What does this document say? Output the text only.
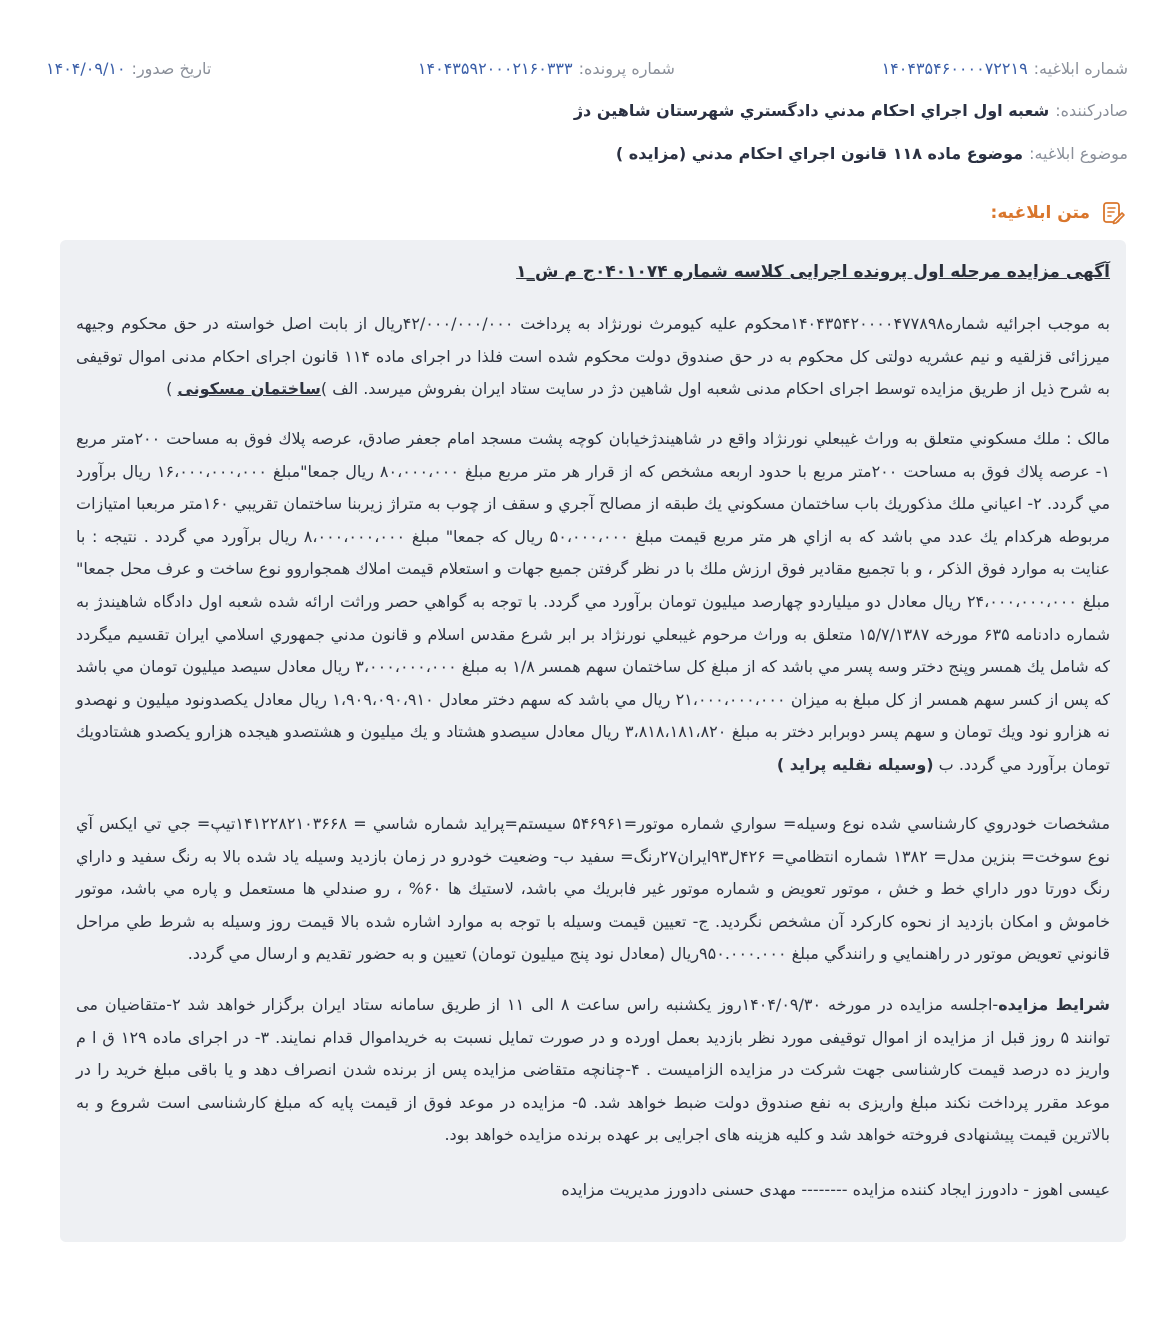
شماره ابلاغیه:
۱۴۰۴۳۵۴۶۰۰۰۰۷۲۲۱۹
شماره پرونده:
۱۴۰۴۳۵۹۲۰۰۰۲۱۶۰۳۳۳
تاریخ صدور:
۱۴۰۴/۰۹/۱۰
صادرکننده:
شعبه اول اجراي احكام مدني دادگستري شهرستان شاهين دژ
موضوع ابلاغیه:
موضوع ماده ۱۱۸ قانون اجراي احكام مدني (مزايده )
متن ابلاغیه:
آگهی مزایده مرحله اول پرونده اجرایی کلاسه شماره ۰۴۰۱۰۷۴ج م ش_۱
به موجب اجرائیه شماره۱۴۰۴۳۵۴۲۰۰۰۰۴۷۷۸۹۸محکوم علیه کیومرث نورنژاد به پرداخت ۴۲/۰۰۰/۰۰۰/۰۰۰ریال از بابت اصل خواسته در حق محکوم وجیهه میرزائی قزلقیه و نیم عشریه دولتی کل محکوم به در حق صندوق دولت محکوم شده است فلذا در اجرای ماده ۱۱۴ قانون اجرای احکام مدنی اموال توقیفی به شرح ذیل از طریق مزایده توسط اجرای احکام مدنی شعبه اول شاهین دژ در سایت ستاد ایران بفروش میرسد. الف )ساختمان مسکونی )
مالک : ملك مسكوني متعلق به وراث غيبعلي نورنژاد واقع در شاهيندژخيابان كوچه پشت مسجد امام جعفر صادق، عرصه پلاك فوق به مساحت ۲۰۰متر مربع ۱- عرصه پلاك فوق به مساحت ۲۰۰متر مربع با حدود اربعه مشخص كه از قرار هر متر مربع مبلغ ۸۰،۰۰۰،۰۰۰ ريال جمعا"مبلغ ۱۶،۰۰۰،۰۰۰،۰۰۰ ريال برآورد مي گردد. ۲- اعياني ملك مذكوريك باب ساختمان مسكوني يك طبقه از مصالح آجري و سقف از چوب به متراژ زيربنا ساختمان تقريبي ۱۶۰متر مربعبا امتيازات مربوطه هركدام يك عدد مي باشد كه به ازاي هر متر مربع قيمت مبلغ ۵۰،۰۰۰،۰۰۰ ريال كه جمعا" مبلغ ۸،۰۰۰،۰۰۰،۰۰۰ ريال برآورد مي گردد . نتيجه : با عنايت به موارد فوق الذكر ، و با تجميع مقادير فوق ارزش ملك با در نظر گرفتن جميع جهات و استعلام قيمت املاك همجواروو نوع ساخت و عرف محل جمعا" مبلغ ۲۴،۰۰۰،۰۰۰،۰۰۰ ريال معادل دو ميلياردو چهارصد ميليون تومان برآورد مي گردد. با توجه به گواهي حصر وراثت ارائه شده شعبه اول دادگاه شاهيندژ به شماره دادنامه ۶۳۵ مورخه ۱۵/۷/۱۳۸۷ متعلق به وراث مرحوم غيبعلي نورنژاد بر ابر شرع مقدس اسلام و قانون مدني جمهوري اسلامي ايران تقسيم ميگردد كه شامل يك همسر وپنج دختر وسه پسر مي باشد كه از مبلغ كل ساختمان سهم همسر ۱/۸ به مبلغ ۳،۰۰۰،۰۰۰،۰۰۰ ريال معادل سيصد ميليون تومان مي باشد كه پس از كسر سهم همسر از كل مبلغ به ميزان ۲۱،۰۰۰،۰۰۰،۰۰۰ ريال مي باشد كه سهم دختر معادل ۱،۹۰۹،۰۹۰،۹۱۰ ريال معادل يكصدونود ميليون و نهصدو نه هزارو نود ويك تومان و سهم پسر دوبرابر دختر به مبلغ ۳،۸۱۸،۱۸۱،۸۲۰ ريال معادل سيصدو هشتاد و يك ميليون و هشتصدو هيجده هزارو يكصدو هشتادويك تومان برآورد مي گردد. ب (وسيله نقليه پرايد )
مشخصات خودروي كارشناسي شده نوع وسيله= سواري شماره موتور=۵۴۶۹۶۱ سيستم=پرايد شماره شاسي = ۱۴۱۲۲۸۲۱۰۳۶۶۸تيپ= جي تي ايكس آي نوع سوخت= بنزين مدل= ۱۳۸۲ شماره انتظامي= ۴۲۶ل۹۳ايران۲۷رنگ= سفيد ب- وضعيت خودرو در زمان بازديد وسيله ياد شده بالا به رنگ سفيد و داراي رنگ دورتا دور داراي خط و خش ، موتور تعويض و شماره موتور غير فابريك مي باشد، لاستيك ها ۶۰% ، رو صندلي ها مستعمل و پاره مي باشد، موتور خاموش و امكان بازديد از نحوه كاركرد آن مشخص نگرديد. ج- تعيين قيمت وسيله با توجه به موارد اشاره شده بالا قيمت روز وسيله به شرط طي مراحل قانوني تعويض موتور در راهنمايي و رانندگي مبلغ ۹۵۰.۰۰۰.۰۰۰ريال (معادل نود پنج ميليون تومان) تعيين و به حضور تقديم و ارسال مي گردد.
شرایط مزایده-اجلسه مزایده در مورخه ۱۴۰۴/۰۹/۳۰روز یکشنبه راس ساعت ۸ الی ۱۱ از طریق سامانه ستاد ایران برگزار خواهد شد ۲-متقاضیان می توانند ۵ روز قبل از مزایده از اموال توقیفی مورد نظر بازدید بعمل اورده و در صورت تمایل نسبت به خریداموال قدام نمایند. ۳- در اجرای ماده ۱۲۹ ق ا م واریز ده درصد قیمت کارشناسی جهت شرکت در مزایده الزامیست . ۴-چنانچه متقاضی مزایده پس از برنده شدن انصراف دهد و یا باقی مبلغ خرید را در موعد مقرر پرداخت نکند مبلغ واریزی به نفع صندوق دولت ضبط خواهد شد. ۵- مزایده در موعد فوق از قیمت پایه که مبلغ کارشناسی است شروع و به بالاترین قیمت پیشنهادی فروخته خواهد شد و کلیه هزینه های اجرایی بر عهده برنده مزایده خواهد بود.
عیسی اهوز - دادورز ایجاد کننده مزایده -------- مهدی حسنی دادورز مدیریت مزایده
